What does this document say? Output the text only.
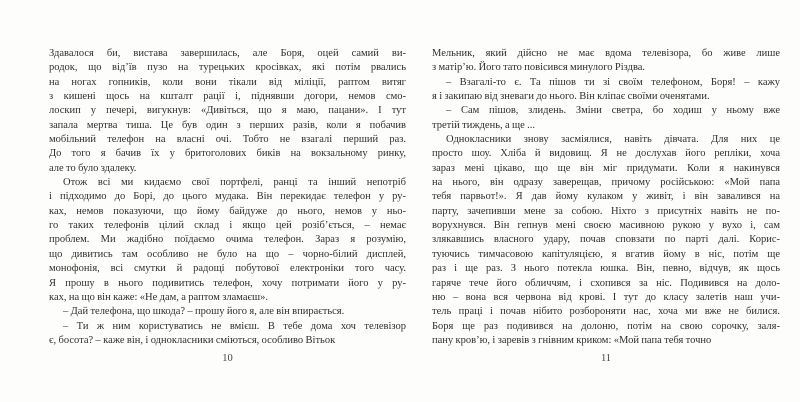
Здавалося би, вистава завершилась, але Боря, оцей самий ви-
родок, що від’їв пузо на турецьких кросівках, які потім рвались
на ногах гопників, коли вони тікали від міліції, раптом витяг
з кишені щось на кшталт рації і, піднявши догори, немов смо-
лоскип у печері, вигукнув: «Дивіться, що я маю, пацани». І тут
запала мертва тиша. Це був один з перших разів, коли я побачив
мобільний телефон на власні очі. Тобто не взагалі перший раз.
До того я бачив їх у бритоголових биків на вокзальному ринку,
але то було здалеку.
Отож всі ми кидаємо свої портфелі, ранці та інший непотріб
і підходимо до Борі, до цього мудака. Він перекидає телефон у ру-
ках, немов показуючи, що йому байдуже до нього, немов у ньо-
го таких телефонів цілий склад і якщо цей розіб’ється, – немає
проблем. Ми жадібно поїдаємо очима телефон. Зараз я розумію,
що дивитись там особливо не було на що – чорно-білий дисплей,
монофонія, всі смутки й радощі побутової електроніки того часу.
Я прошу в нього подивитись телефон, хочу потримати його у ру-
ках, на що він каже: «Не дам, а раптом зламаєш».
– Дай телефона, що шкода? – прошу його я, але він впирається.
– Ти ж ним користуватись не вмієш. В тебе дома хоч телевізор
є, босота? – каже він, і однокласники сміються, особливо Вітьок
Мельник, який дійсно не має вдома телевізора, бо живе лише
з матір’ю. Його тато повісився минулого Різдва.
– Взагалі-то є. Та пішов ти зі своїм телефоном, Боря! – кажу
я і закипаю від зневаги до нього. Він кліпає своїми оченятами.
– Сам пішов, злидень. Зміни светра, бо ходиш у ньому вже
третій тиждень, а ще ...
Однокласники знову засміялися, навіть дівчата. Для них це
просто шоу. Хліба й видовищ. Я не дослухав його репліки, хоча
зараз мені цікаво, що ще він міг придумати. Коли я накинувся
на нього, він одразу заверещав, причому російською: «Мой папа
тебя парвьот!». Я дав йому кулаком у живіт, і він завалився на
парту, зачепивши мене за собою. Ніхто з присутніх навіть не по-
ворухнувся. Він гепнув мені своєю масивною рукою у вухо і, сам
злякавшись власного удару, почав сповзати по парті далі. Корис-
туючись тимчасовою капітуляцією, я вгатив йому в ніс, потім ще
раз і ще раз. З нього потекла юшка. Він, певно, відчув, як щось
гаряче тече його обличчям, і схопився за ніс. Подивився на доло-
ню – вона вся червона від крові. І тут до класу залетів наш учи-
тель праці і почав нібито розбороняти нас, хоча ми вже не билися.
Боря ще раз подивився на долоню, потім на свою сорочку, заля-
пану кров’ю, і заревів з гнівним криком: «Мой папа тебя точно
10	11
